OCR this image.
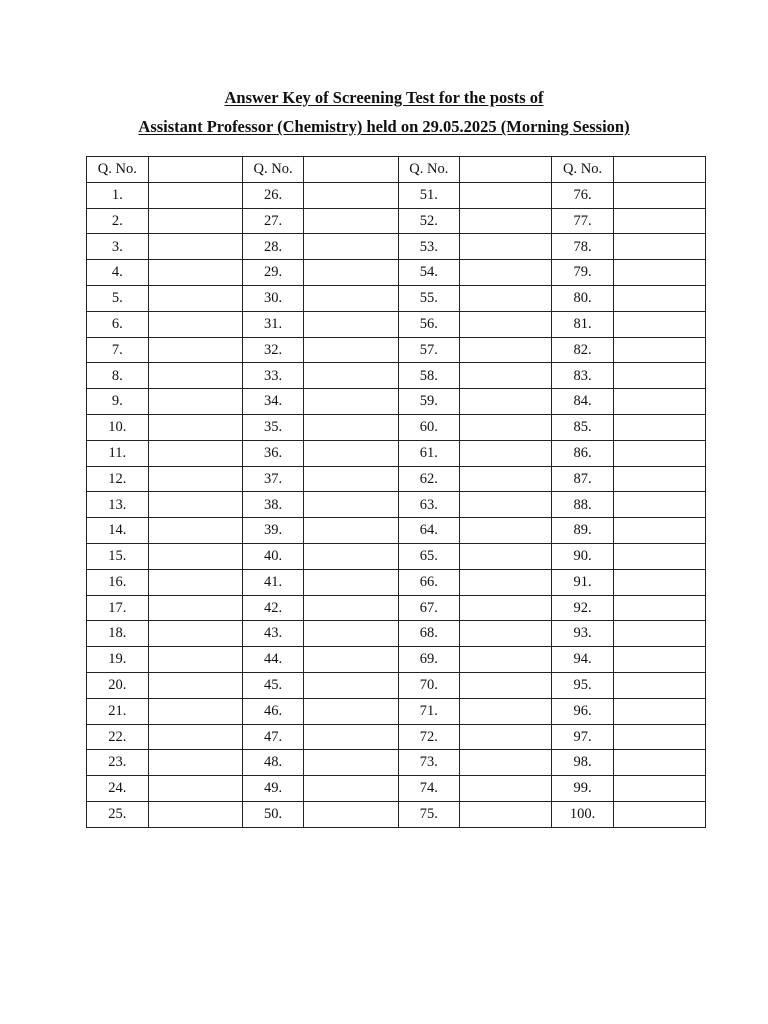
Answer Key of Screening Test for the posts of
Assistant Professor (Chemistry) held on 29.05.2025 (Morning Session)
Q. No.		Q. No.		Q. No.		Q. No.	
1.		26.		51.		76.	
2.		27.		52.		77.	
3.		28.		53.		78.	
4.		29.		54.		79.	
5.		30.		55.		80.	
6.		31.		56.		81.	
7.		32.		57.		82.	
8.		33.		58.		83.	
9.		34.		59.		84.	
10.		35.		60.		85.	
11.		36.		61.		86.	
12.		37.		62.		87.	
13.		38.		63.		88.	
14.		39.		64.		89.	
15.		40.		65.		90.	
16.		41.		66.		91.	
17.		42.		67.		92.	
18.		43.		68.		93.	
19.		44.		69.		94.	
20.		45.		70.		95.	
21.		46.		71.		96.	
22.		47.		72.		97.	
23.		48.		73.		98.	
24.		49.		74.		99.	
25.		50.		75.		100.	
